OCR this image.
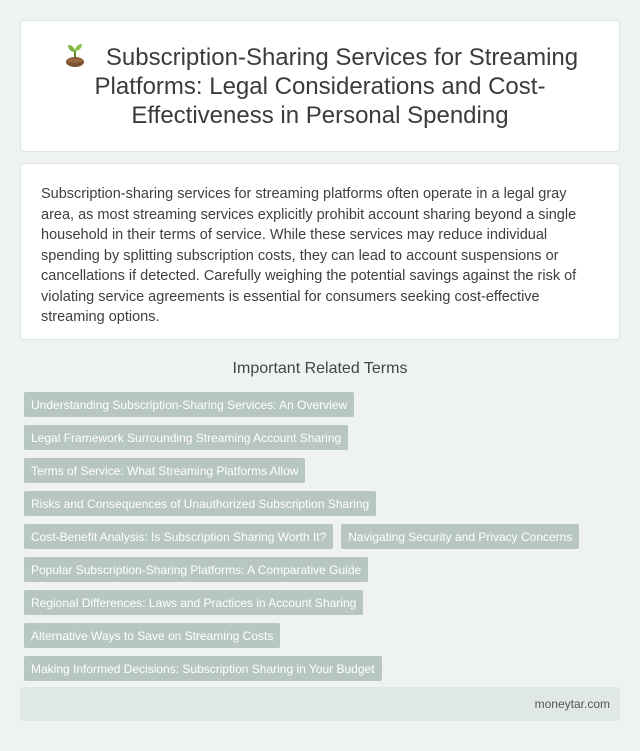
Subscription-Sharing Services for Streaming Platforms: Legal Considerations and Cost-Effectiveness in Personal Spending

Subscription-sharing services for streaming platforms often operate in a legal gray area, as most streaming services explicitly prohibit account sharing beyond a single household in their terms of service. While these services may reduce individual spending by splitting subscription costs, they can lead to account suspensions or cancellations if detected. Carefully weighing the potential savings against the risk of violating service agreements is essential for consumers seeking cost-effective streaming options.

Important Related Terms
Understanding Subscription-Sharing Services: An Overview
Legal Framework Surrounding Streaming Account Sharing
Terms of Service: What Streaming Platforms Allow
Risks and Consequences of Unauthorized Subscription Sharing
Cost-Benefit Analysis: Is Subscription Sharing Worth It?	Navigating Security and Privacy Concerns
Popular Subscription-Sharing Platforms: A Comparative Guide
Regional Differences: Laws and Practices in Account Sharing
Alternative Ways to Save on Streaming Costs
Making Informed Decisions: Subscription Sharing in Your Budget
moneytar.com
